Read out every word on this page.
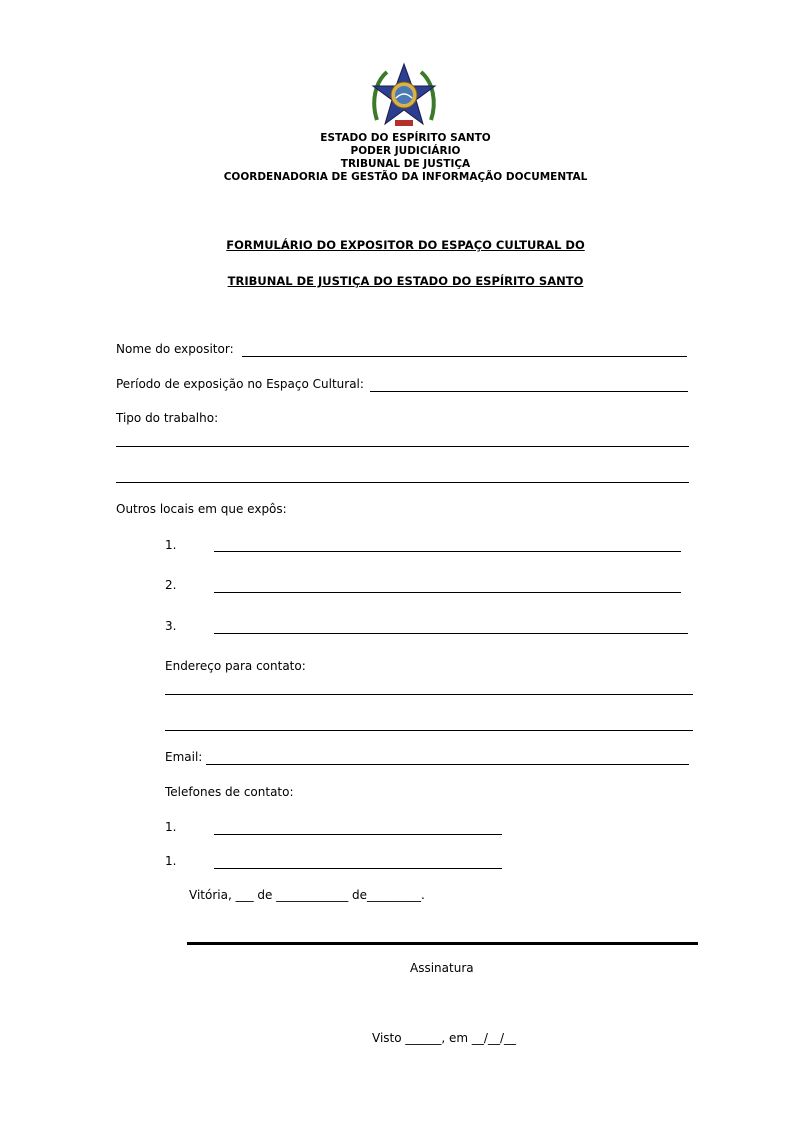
ESTADO DO ESPÍRITO SANTO
PODER JUDICIÁRIO
TRIBUNAL DE JUSTIÇA
COORDENADORIA DE GESTÃO DA INFORMAÇÃO DOCUMENTAL
FORMULÁRIO DO EXPOSITOR DO ESPAÇO CULTURAL DO
TRIBUNAL DE JUSTIÇA DO ESTADO DO ESPÍRITO SANTO
Nome do expositor:
Período de exposição no Espaço Cultural:
Tipo do trabalho:
Outros locais em que expôs:
1.
2.
3.
Endereço para contato:
Email:
Telefones de contato:
1.
1.
Vitória, ___ de ____________ de_________.
Assinatura
Visto ______, em __/__/__
